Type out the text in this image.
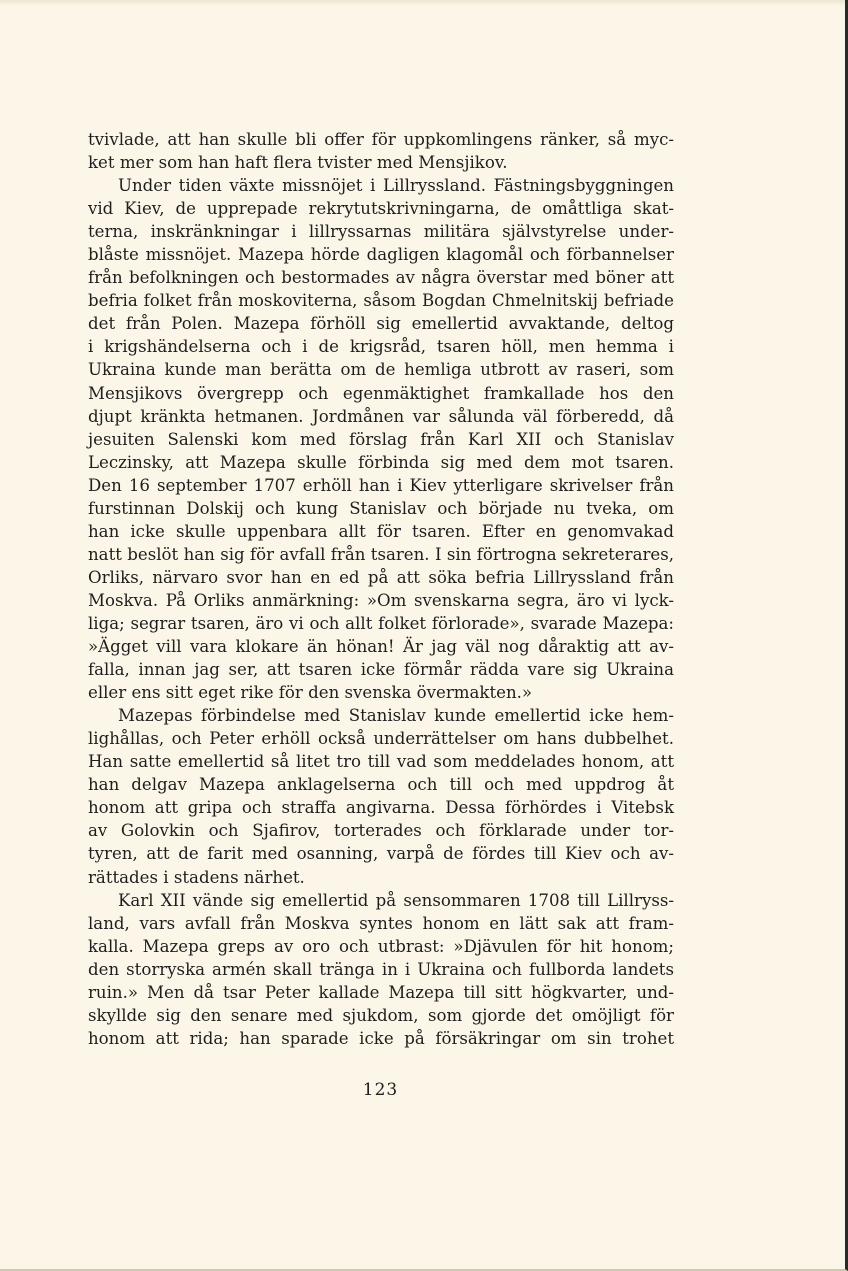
tvivlade, att han skulle bli offer för uppkomlingens ränker, så myc-
ket mer som han haft flera tvister med Mensjikov.
Under tiden växte missnöjet i Lillryssland. Fästningsbyggningen
vid Kiev, de upprepade rekrytutskrivningarna, de omåttliga skat-
terna, inskränkningar i lillryssarnas militära självstyrelse under-
blåste missnöjet. Mazepa hörde dagligen klagomål och förbannelser
från befolkningen och bestormades av några överstar med böner att
befria folket från moskoviterna, såsom Bogdan Chmelnitskij befriade
det från Polen. Mazepa förhöll sig emellertid avvaktande, deltog
i krigshändelserna och i de krigsråd, tsaren höll, men hemma i
Ukraina kunde man berätta om de hemliga utbrott av raseri, som
Mensjikovs övergrepp och egenmäktighet framkallade hos den
djupt kränkta hetmanen. Jordmånen var sålunda väl förberedd, då
jesuiten Salenski kom med förslag från Karl XII och Stanislav
Leczinsky, att Mazepa skulle förbinda sig med dem mot tsaren.
Den 16 september 1707 erhöll han i Kiev ytterligare skrivelser från
furstinnan Dolskij och kung Stanislav och började nu tveka, om
han icke skulle uppenbara allt för tsaren. Efter en genomvakad
natt beslöt han sig för avfall från tsaren. I sin förtrogna sekreterares,
Orliks, närvaro svor han en ed på att söka befria Lillryssland från
Moskva. På Orliks anmärkning: »Om svenskarna segra, äro vi lyck-
liga; segrar tsaren, äro vi och allt folket förlorade», svarade Mazepa:
»Ägget vill vara klokare än hönan! Är jag väl nog dåraktig att av-
falla, innan jag ser, att tsaren icke förmår rädda vare sig Ukraina
eller ens sitt eget rike för den svenska övermakten.»
Mazepas förbindelse med Stanislav kunde emellertid icke hem-
lighållas, och Peter erhöll också underrättelser om hans dubbelhet.
Han satte emellertid så litet tro till vad som meddelades honom, att
han delgav Mazepa anklagelserna och till och med uppdrog åt
honom att gripa och straffa angivarna. Dessa förhördes i Vitebsk
av Golovkin och Sjafirov, torterades och förklarade under tor-
tyren, att de farit med osanning, varpå de fördes till Kiev och av-
rättades i stadens närhet.
Karl XII vände sig emellertid på sensommaren 1708 till Lillryss-
land, vars avfall från Moskva syntes honom en lätt sak att fram-
kalla. Mazepa greps av oro och utbrast: »Djävulen för hit honom;
den storryska armén skall tränga in i Ukraina och fullborda landets
ruin.» Men då tsar Peter kallade Mazepa till sitt högkvarter, und-
skyllde sig den senare med sjukdom, som gjorde det omöjligt för
honom att rida; han sparade icke på försäkringar om sin trohet
123
